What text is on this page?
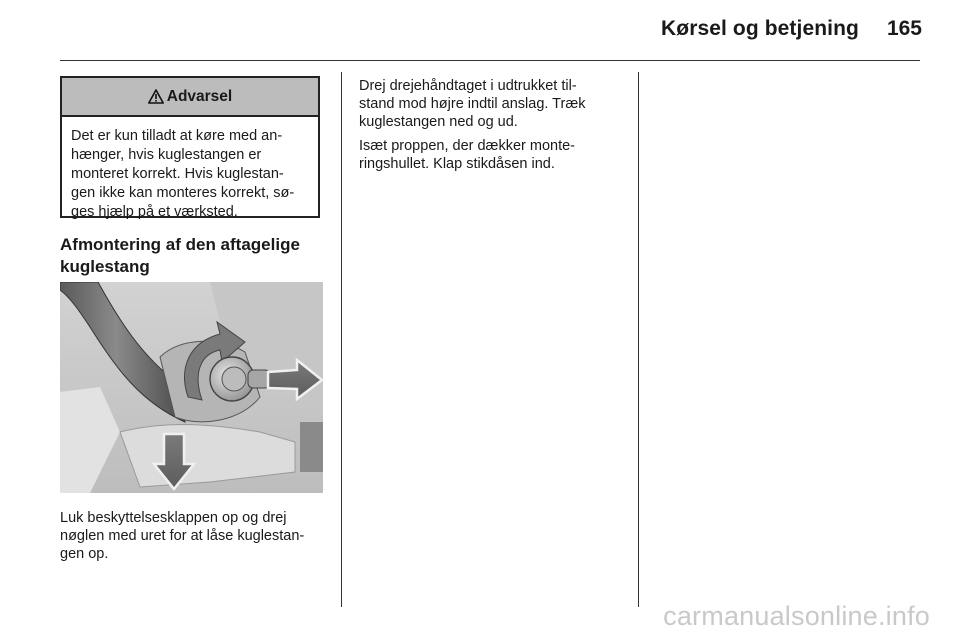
Kørsel og betjening 165
Advarsel
Det er kun tilladt at køre med an-
hænger, hvis kuglestangen er
monteret korrekt. Hvis kuglestan-
gen ikke kan monteres korrekt, sø-
ges hjælp på et værksted.
Afmontering af den aftagelige
kuglestang
Luk beskyttelsesklappen op og drej
nøglen med uret for at låse kuglestan-
gen op.

Drej drejehåndtaget i udtrukket til-
stand mod højre indtil anslag. Træk
kuglestangen ned og ud.

Isæt proppen, der dækker monte-
ringshullet. Klap stikdåsen ind.

carmanualsonline.info
